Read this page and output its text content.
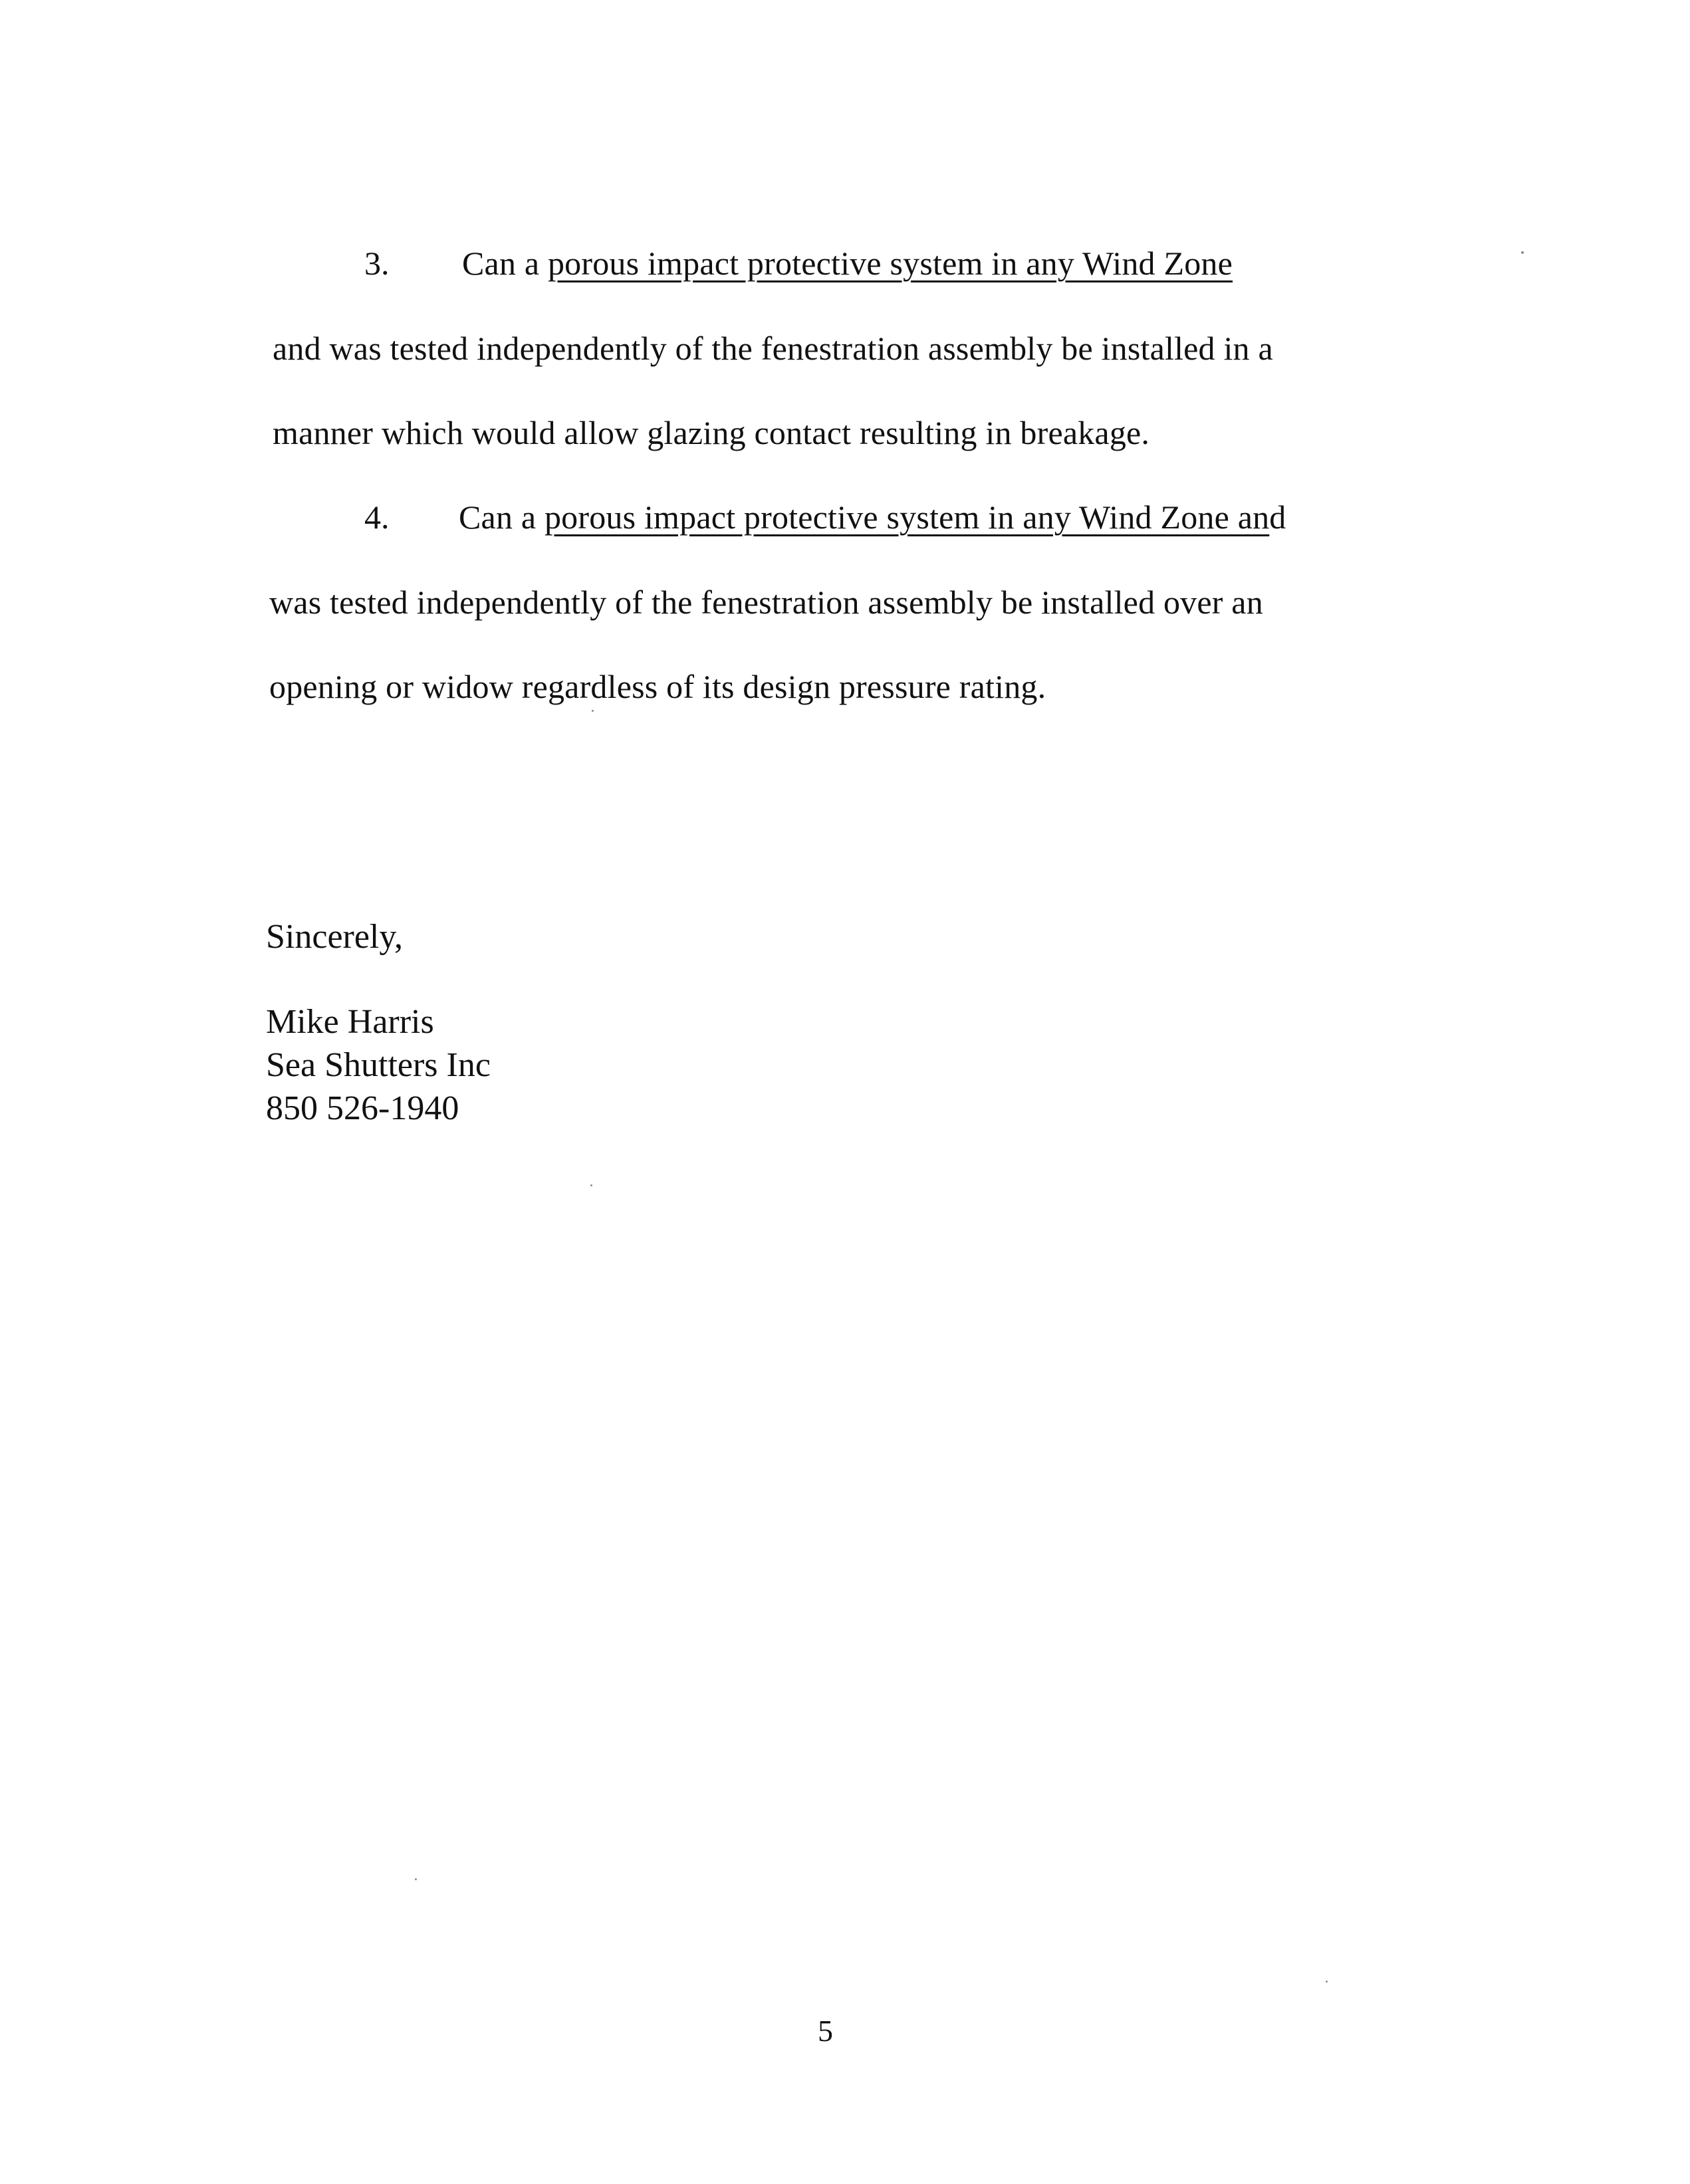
3. Can a porous impact protective system in any Wind Zone
and was tested independently of the fenestration assembly be installed in a
manner which would allow glazing contact resulting in breakage.
4. Can a porous impact protective system in any Wind Zone and
was tested independently of the fenestration assembly be installed over an
opening or widow regardless of its design pressure rating.
Sincerely,
Mike Harris
Sea Shutters Inc
850 526-1940
5
